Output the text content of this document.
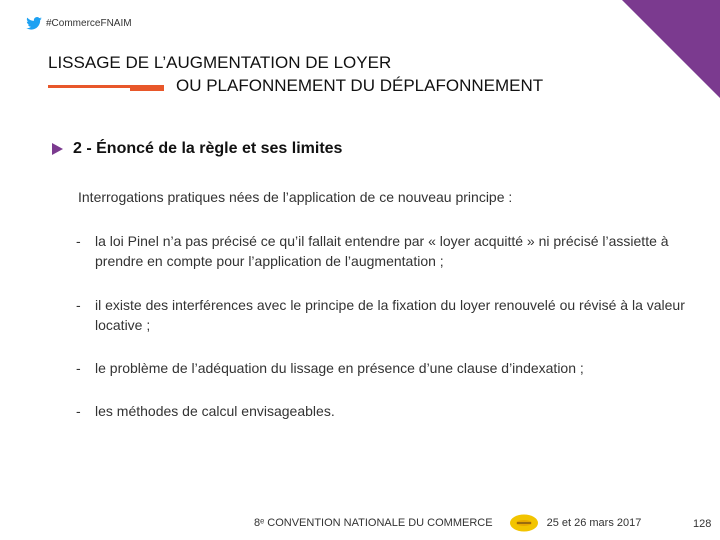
#CommerceFNAIM
LISSAGE DE L’AUGMENTATION DE LOYER
OU PLAFONNEMENT DU DÉPLAFONNEMENT
2 - Énoncé de la règle et ses limites
Interrogations pratiques nées de l’application de ce nouveau principe :
-	la loi Pinel n’a pas précisé ce qu’il fallait entendre par « loyer acquitté » ni précisé l’assiette à prendre en compte pour l’application de l’augmentation ;
-	il existe des interférences avec le principe de la fixation du loyer renouvelé ou révisé à la valeur locative ;
-	le problème de l’adéquation du lissage en présence d’une clause d’indexation ;
-	les méthodes de calcul envisageables.
8ᵉ CONVENTION NATIONALE DU COMMERCE	25 et 26 mars 2017	128
